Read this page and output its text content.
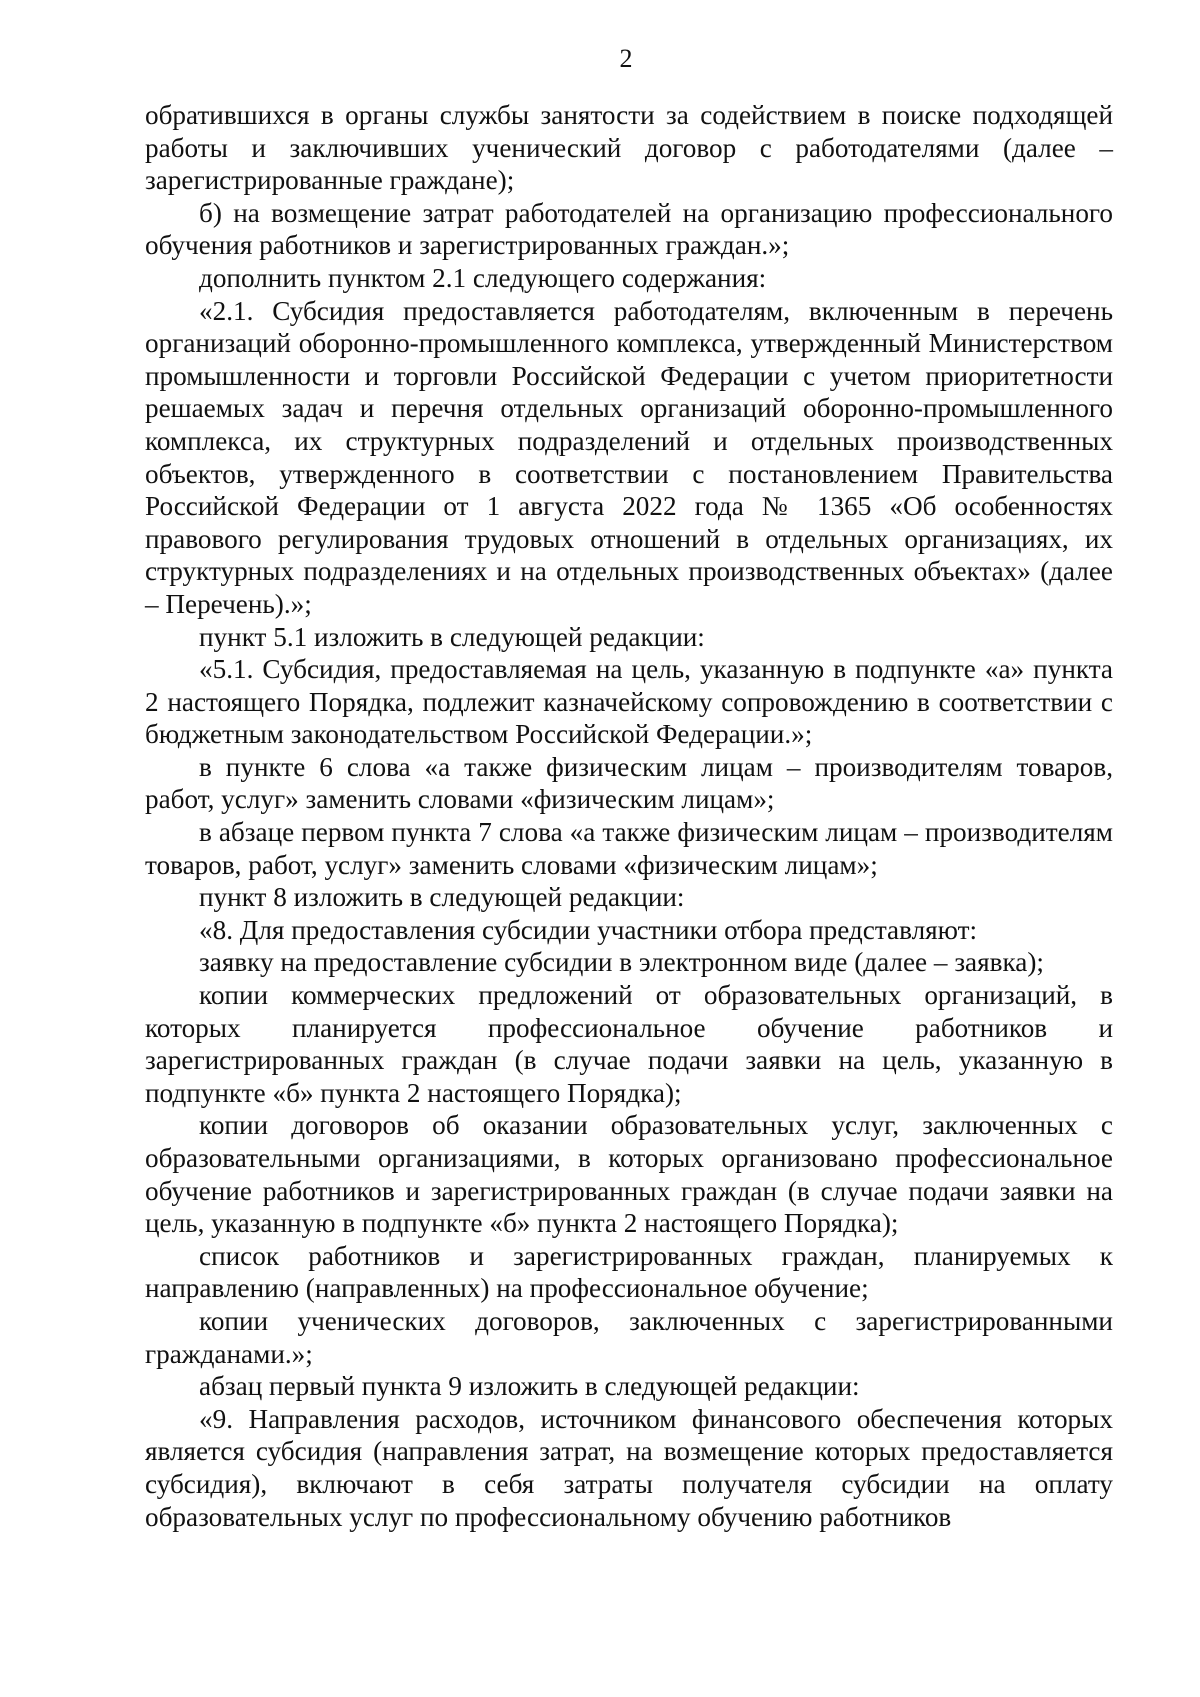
2

обратившихся в органы службы занятости за содействием в поиске подходящей работы и заключивших ученический договор с работодателями (далее – зарегистрированные граждане);

б) на возмещение затрат работодателей на организацию профессионального обучения работников и зарегистрированных граждан.»;

дополнить пунктом 2.1 следующего содержания:

«2.1. Субсидия предоставляется работодателям, включенным в перечень организаций оборонно-промышленного комплекса, утвержденный Министерством промышленности и торговли Российской Федерации с учетом приоритетности решаемых задач и перечня отдельных организаций оборонно-промышленного комплекса, их структурных подразделений и отдельных производственных объектов, утвержденного в соответствии с постановлением Правительства Российской Федерации от 1 августа 2022 года № 1365 «Об особенностях правового регулирования трудовых отношений в отдельных организациях, их структурных подразделениях и на отдельных производственных объектах» (далее – Перечень).»;

пункт 5.1 изложить в следующей редакции:

«5.1. Субсидия, предоставляемая на цель, указанную в подпункте «а» пункта 2 настоящего Порядка, подлежит казначейскому сопровождению в соответствии с бюджетным законодательством Российской Федерации.»;

в пункте 6 слова «а также физическим лицам – производителям товаров, работ, услуг» заменить словами «физическим лицам»;

в абзаце первом пункта 7 слова «а также физическим лицам – производителям товаров, работ, услуг» заменить словами «физическим лицам»;

пункт 8 изложить в следующей редакции:

«8. Для предоставления субсидии участники отбора представляют:

заявку на предоставление субсидии в электронном виде (далее – заявка);

копии коммерческих предложений от образовательных организаций, в которых планируется профессиональное обучение работников и зарегистрированных граждан (в случае подачи заявки на цель, указанную в подпункте «б» пункта 2 настоящего Порядка);

копии договоров об оказании образовательных услуг, заключенных с образовательными организациями, в которых организовано профессиональное обучение работников и зарегистрированных граждан (в случае подачи заявки на цель, указанную в подпункте «б» пункта 2 настоящего Порядка);

список работников и зарегистрированных граждан, планируемых к направлению (направленных) на профессиональное обучение;

копии ученических договоров, заключенных с зарегистрированными гражданами.»;

абзац первый пункта 9 изложить в следующей редакции:

«9. Направления расходов, источником финансового обеспечения которых является субсидия (направления затрат, на возмещение которых предоставляется субсидия), включают в себя затраты получателя субсидии на оплату образовательных услуг по профессиональному обучению работников
